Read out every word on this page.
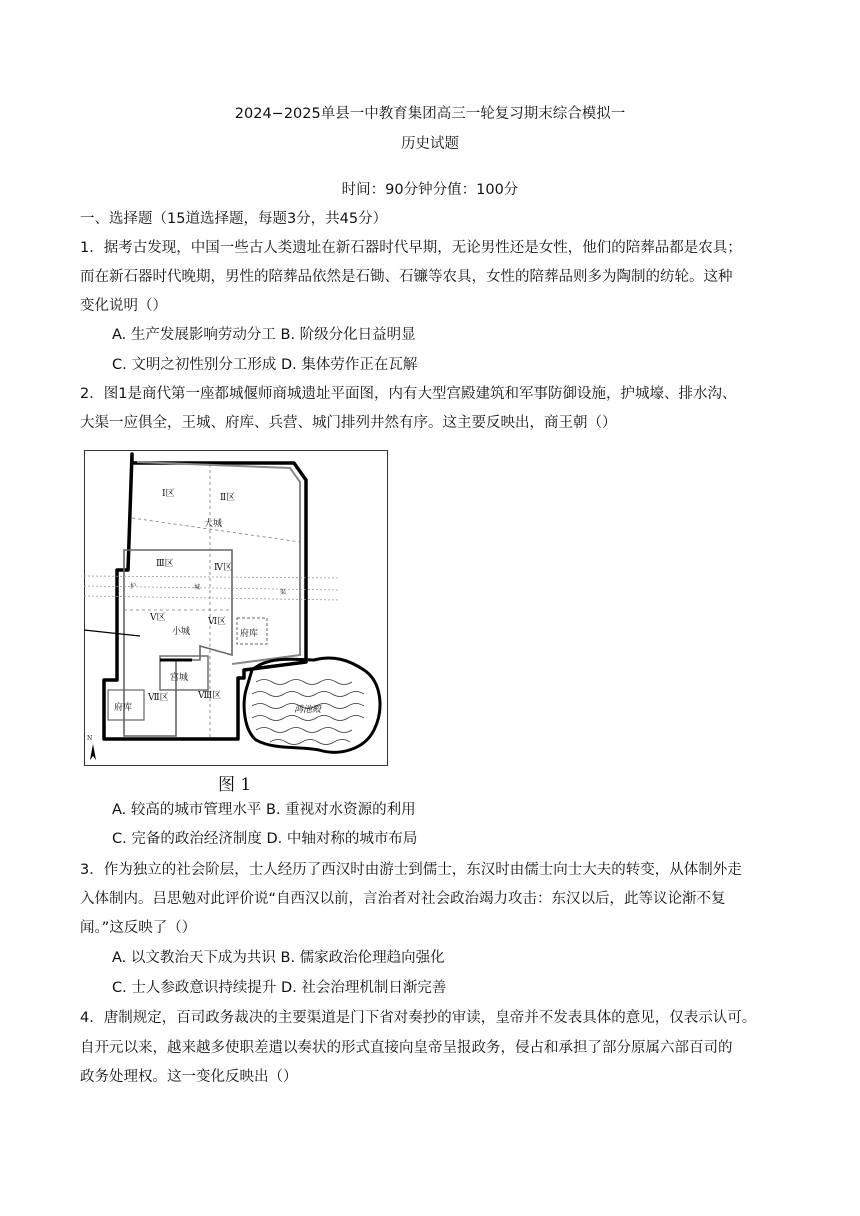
2024−2025单县一中教育集团高三一轮复习期末综合模拟一
历史试题
时间：90分钟分值：100分
一、选择题（15道选择题，每题3分，共45分）
1．据考古发现，中国一些古人类遗址在新石器时代早期，无论男性还是女性，他们的陪葬品都是农具；
而在新石器时代晚期，男性的陪葬品依然是石锄、石镰等农具，女性的陪葬品则多为陶制的纺轮。这种
变化说明（）
A. 生产发展影响劳动分工 B. 阶级分化日益明显
C. 文明之初性别分工形成 D. 集体劳作正在瓦解
2．图1是商代第一座都城偃师商城遗址平面图，内有大型宫殿建筑和军事防御设施，护城壕、排水沟、
大渠一应俱全，王城、府库、兵营、城门排列井然有序。这主要反映出，商王朝（）
Ⅰ区	Ⅱ区
大城
Ⅲ区	Ⅳ区
护	城
渠
Ⅴ区
小城
Ⅵ区
府库
宫城
Ⅶ区	Ⅷ区
府库	鸿池殿
N
图 1
A. 较高的城市管理水平 B. 重视对水资源的利用
C. 完备的政治经济制度 D. 中轴对称的城市布局
3．作为独立的社会阶层，士人经历了西汉时由游士到儒士，东汉时由儒士向士大夫的转变，从体制外走
入体制内。吕思勉对此评价说“自西汉以前，言治者对社会政治竭力攻击：东汉以后，此等议论渐不复
闻。”这反映了（）
A. 以文教治天下成为共识 B. 儒家政治伦理趋向强化
C. 士人参政意识持续提升 D. 社会治理机制日渐完善
4．唐制规定，百司政务裁决的主要渠道是门下省对奏抄的审读，皇帝并不发表具体的意见，仅表示认可。
自开元以来，越来越多使职差遣以奏状的形式直接向皇帝呈报政务，侵占和承担了部分原属六部百司的
政务处理权。这一变化反映出（）
